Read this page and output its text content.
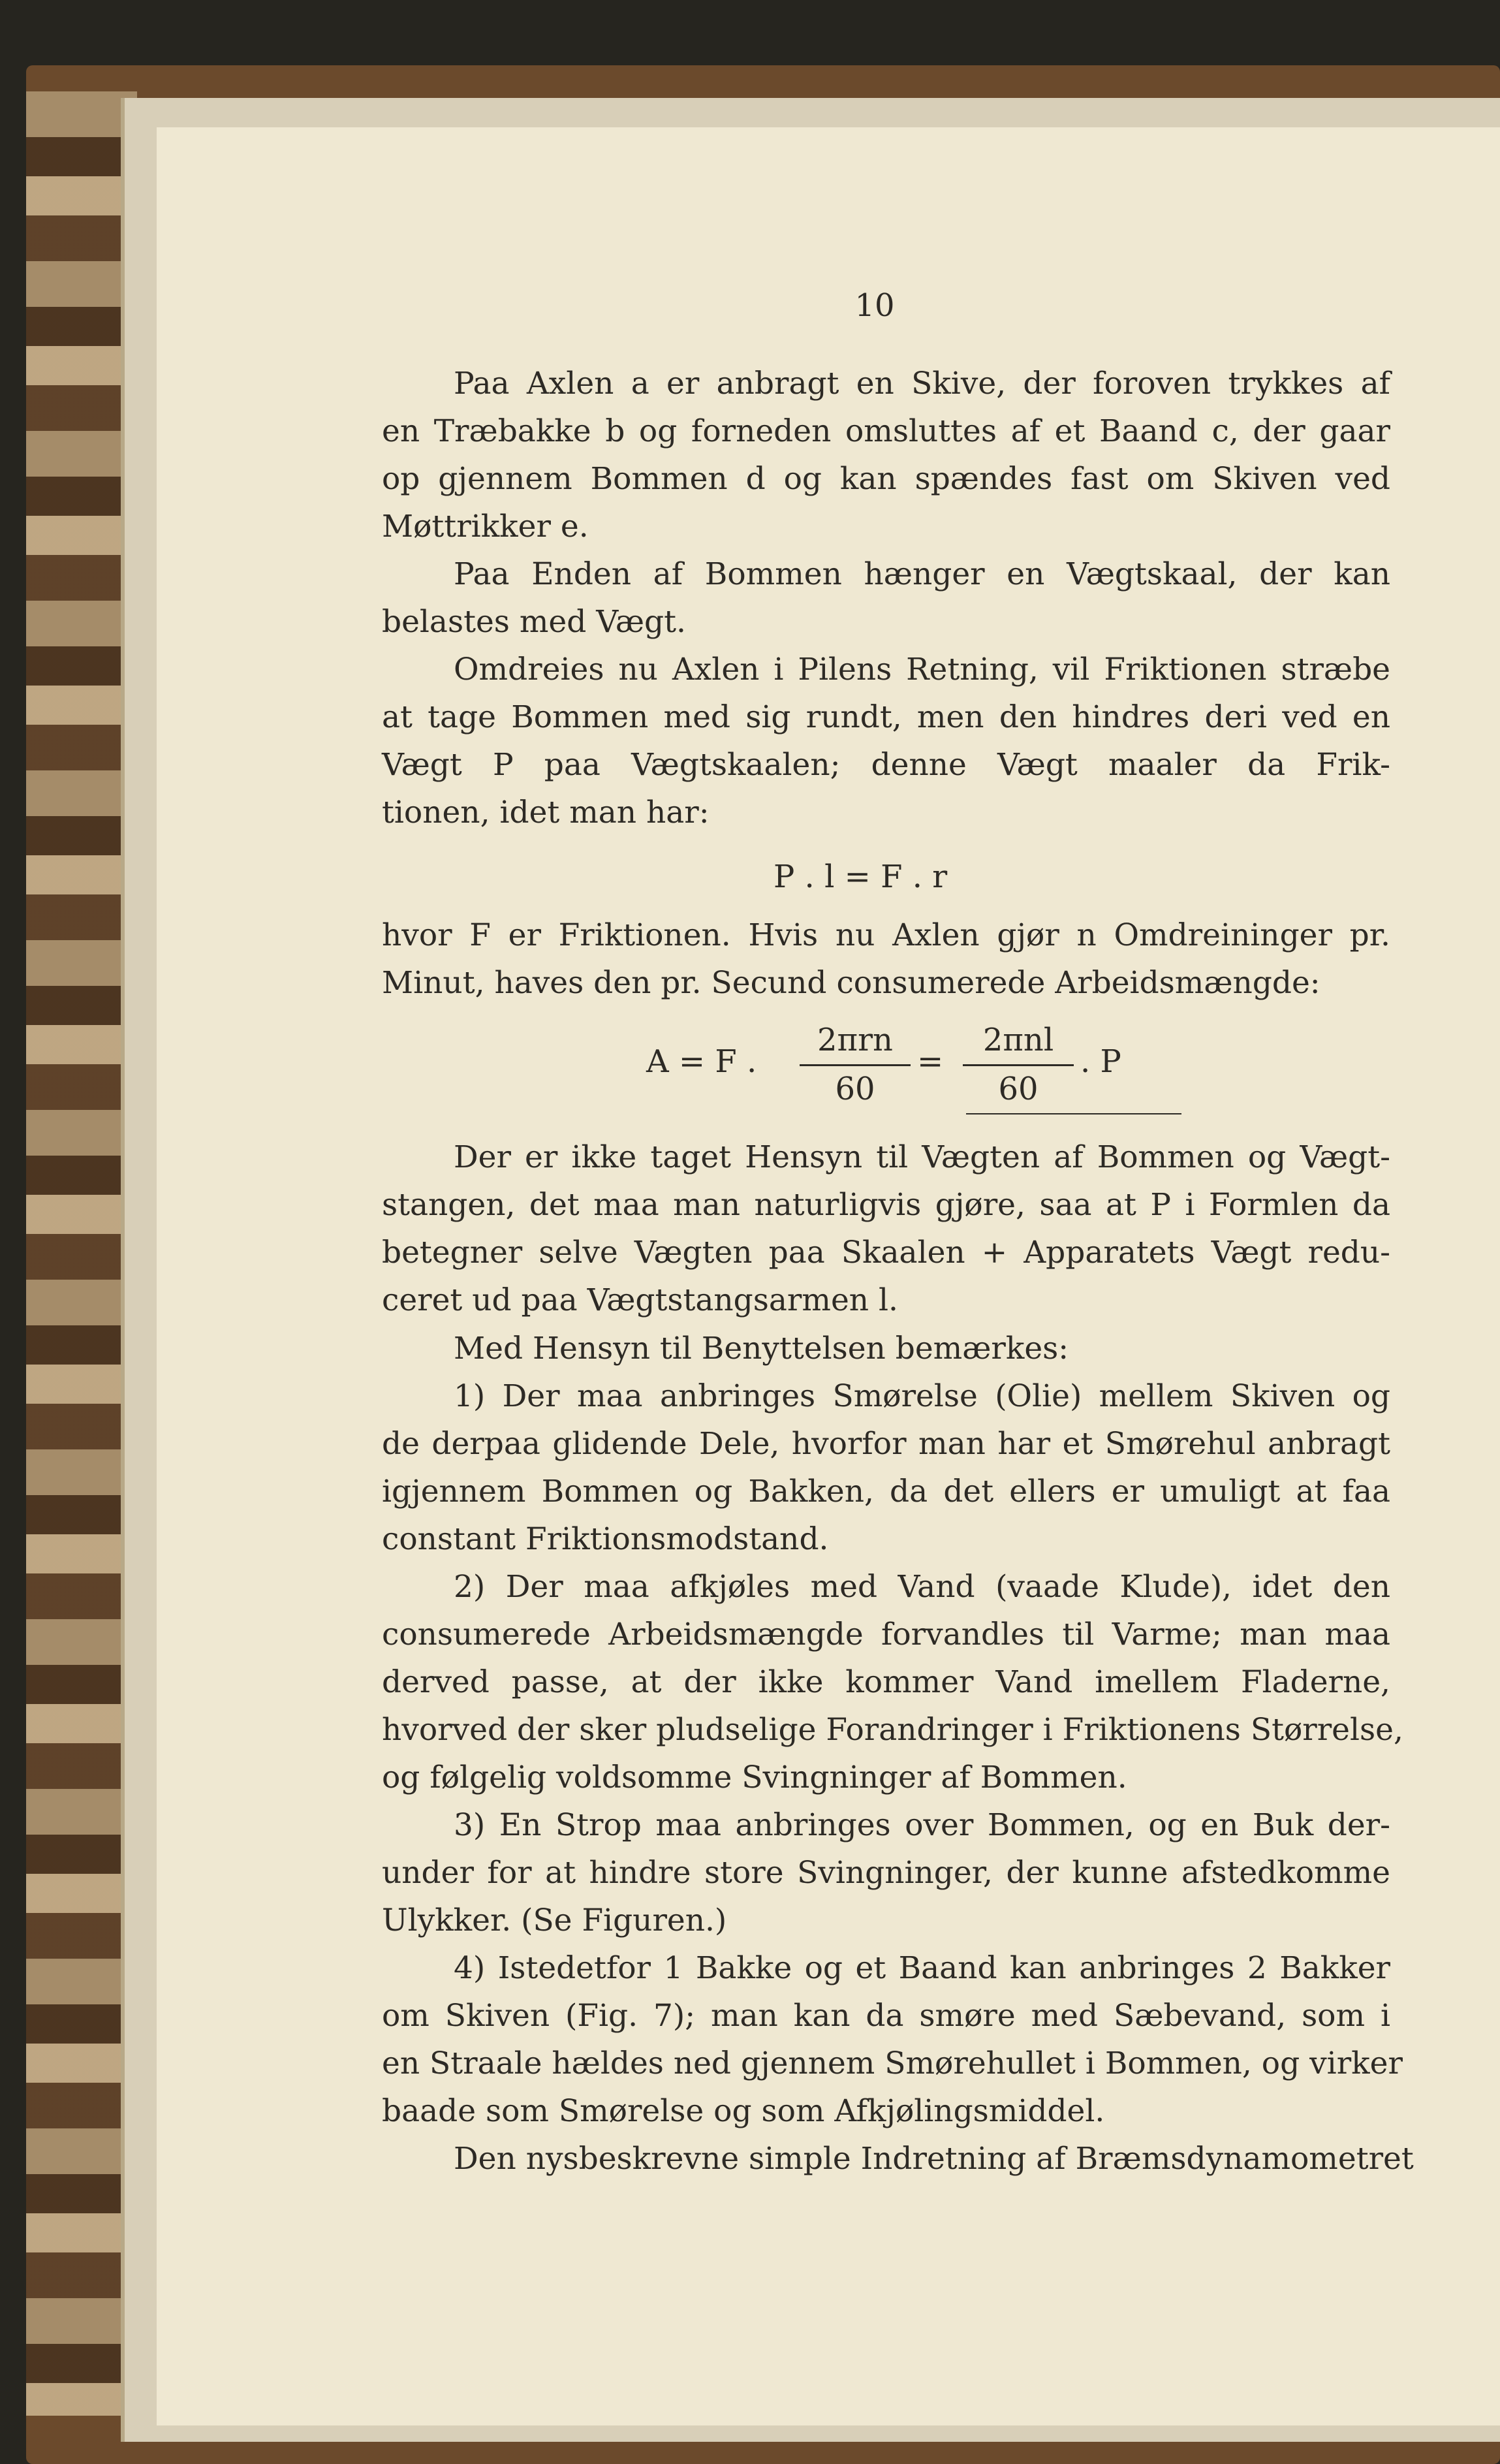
10
Paa Axlen a er anbragt en Skive, der foroven trykkes af
en Træbakke b og forneden omsluttes af et Baand c, der gaar
op gjennem Bommen d og kan spændes fast om Skiven ved
Møttrikker e.
Paa Enden af Bommen hænger en Vægtskaal, der kan
belastes med Vægt.
Omdreies nu Axlen i Pilens Retning, vil Friktionen stræbe
at tage Bommen med sig rundt, men den hindres deri ved en
Vægt P paa Vægtskaalen; denne Vægt maaler da Frik-
tionen, idet man har:
P . l = F . r
hvor F er Friktionen. Hvis nu Axlen gjør n Omdreininger pr.
Minut, haves den pr. Secund consumerede Arbeidsmængde:
A = F .
2πrn
60
=
2πnl
60
. P
Der er ikke taget Hensyn til Vægten af Bommen og Vægt-
stangen, det maa man naturligvis gjøre, saa at P i Formlen da
betegner selve Vægten paa Skaalen + Apparatets Vægt redu-
ceret ud paa Vægtstangsarmen l.
Med Hensyn til Benyttelsen bemærkes:
1) Der maa anbringes Smørelse (Olie) mellem Skiven og
de derpaa glidende Dele, hvorfor man har et Smørehul anbragt
igjennem Bommen og Bakken, da det ellers er umuligt at faa
constant Friktionsmodstand.
2) Der maa afkjøles med Vand (vaade Klude), idet den
consumerede Arbeidsmængde forvandles til Varme; man maa
derved passe, at der ikke kommer Vand imellem Fladerne,
hvorved der sker pludselige Forandringer i Friktionens Størrelse,
og følgelig voldsomme Svingninger af Bommen.
3) En Strop maa anbringes over Bommen, og en Buk der-
under for at hindre store Svingninger, der kunne afstedkomme
Ulykker. (Se Figuren.)
4) Istedetfor 1 Bakke og et Baand kan anbringes 2 Bakker
om Skiven (Fig. 7); man kan da smøre med Sæbevand, som i
en Straale hældes ned gjennem Smørehullet i Bommen, og virker
baade som Smørelse og som Afkjølingsmiddel.
Den nysbeskrevne simple Indretning af Bræmsdynamometret
